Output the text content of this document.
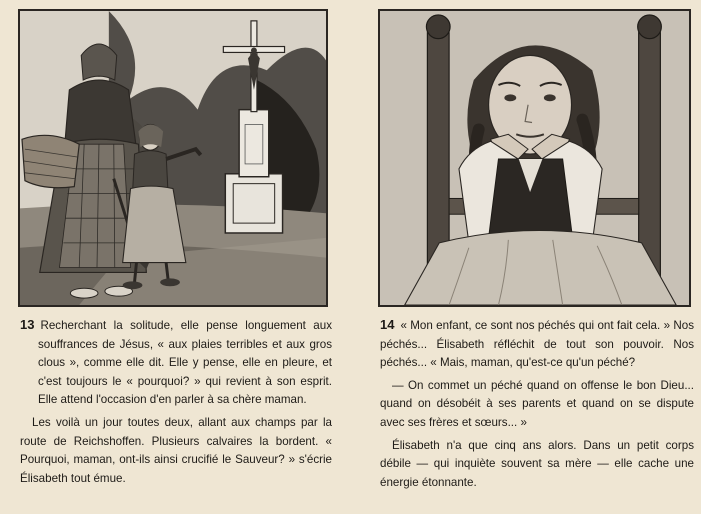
13 Recherchant la solitude, elle pense longuement aux souffrances de Jésus, « aux plaies terribles et aux gros clous », comme elle dit. Elle y pense, elle en pleure, et c'est toujours le « pourquoi? » qui revient à son esprit. Elle attend l'occasion d'en parler à sa chère maman.

Les voilà un jour toutes deux, allant aux champs par la route de Reichshoffen. Plusieurs calvaires la bordent. « Pourquoi, maman, ont-ils ainsi crucifié le Sauveur? » s'écrie Élisabeth tout émue.

14 « Mon enfant, ce sont nos péchés qui ont fait cela. » Nos péchés... Élisabeth réfléchit de tout son pouvoir. Nos péchés... « Mais, maman, qu'est-ce qu'un péché?

— On commet un péché quand on offense le bon Dieu... quand on désobéit à ses parents et quand on se dispute avec ses frères et sœurs... »

Élisabeth n'a que cinq ans alors. Dans un petit corps débile — qui inquiète souvent sa mère — elle cache une énergie étonnante.
